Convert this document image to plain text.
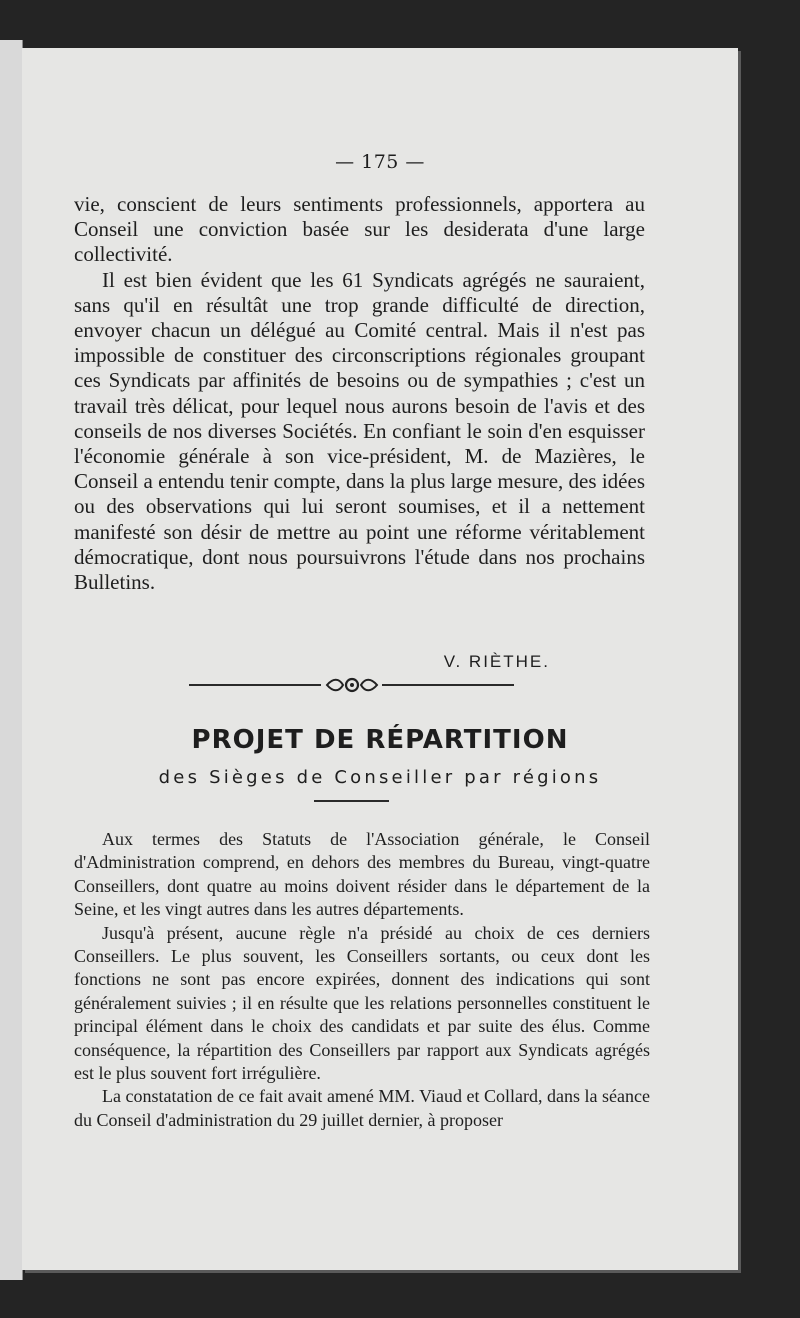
— 175 —

vie, conscient de leurs sentiments professionnels, apportera au Conseil une conviction basée sur les desiderata d'une large collectivité.

Il est bien évident que les 61 Syndicats agrégés ne sauraient, sans qu'il en résultât une trop grande difficulté de direction, envoyer chacun un délégué au Comité central. Mais il n'est pas impossible de constituer des circonscriptions régionales groupant ces Syndicats par affinités de besoins ou de sympathies ; c'est un travail très délicat, pour lequel nous aurons besoin de l'avis et des conseils de nos diverses Sociétés. En confiant le soin d'en esquisser l'économie générale à son vice-président, M. de Mazières, le Conseil a entendu tenir compte, dans la plus large mesure, des idées ou des observations qui lui seront soumises, et il a nettement manifesté son désir de mettre au point une réforme véritablement démocratique, dont nous poursuivrons l'étude dans nos prochains Bulletins.

V. RIÈTHE.
PROJET DE RÉPARTITION
des Sièges de Conseiller par régions

Aux termes des Statuts de l'Association générale, le Conseil d'Administration comprend, en dehors des membres du Bureau, vingt-quatre Conseillers, dont quatre au moins doivent résider dans le département de la Seine, et les vingt autres dans les autres départements.

Jusqu'à présent, aucune règle n'a présidé au choix de ces derniers Conseillers. Le plus souvent, les Conseillers sortants, ou ceux dont les fonctions ne sont pas encore expirées, donnent des indications qui sont généralement suivies ; il en résulte que les relations personnelles constituent le principal élément dans le choix des candidats et par suite des élus. Comme conséquence, la répartition des Conseillers par rapport aux Syndicats agrégés est le plus souvent fort irrégulière.

La constatation de ce fait avait amené MM. Viaud et Collard, dans la séance du Conseil d'administration du 29 juillet dernier, à proposer
